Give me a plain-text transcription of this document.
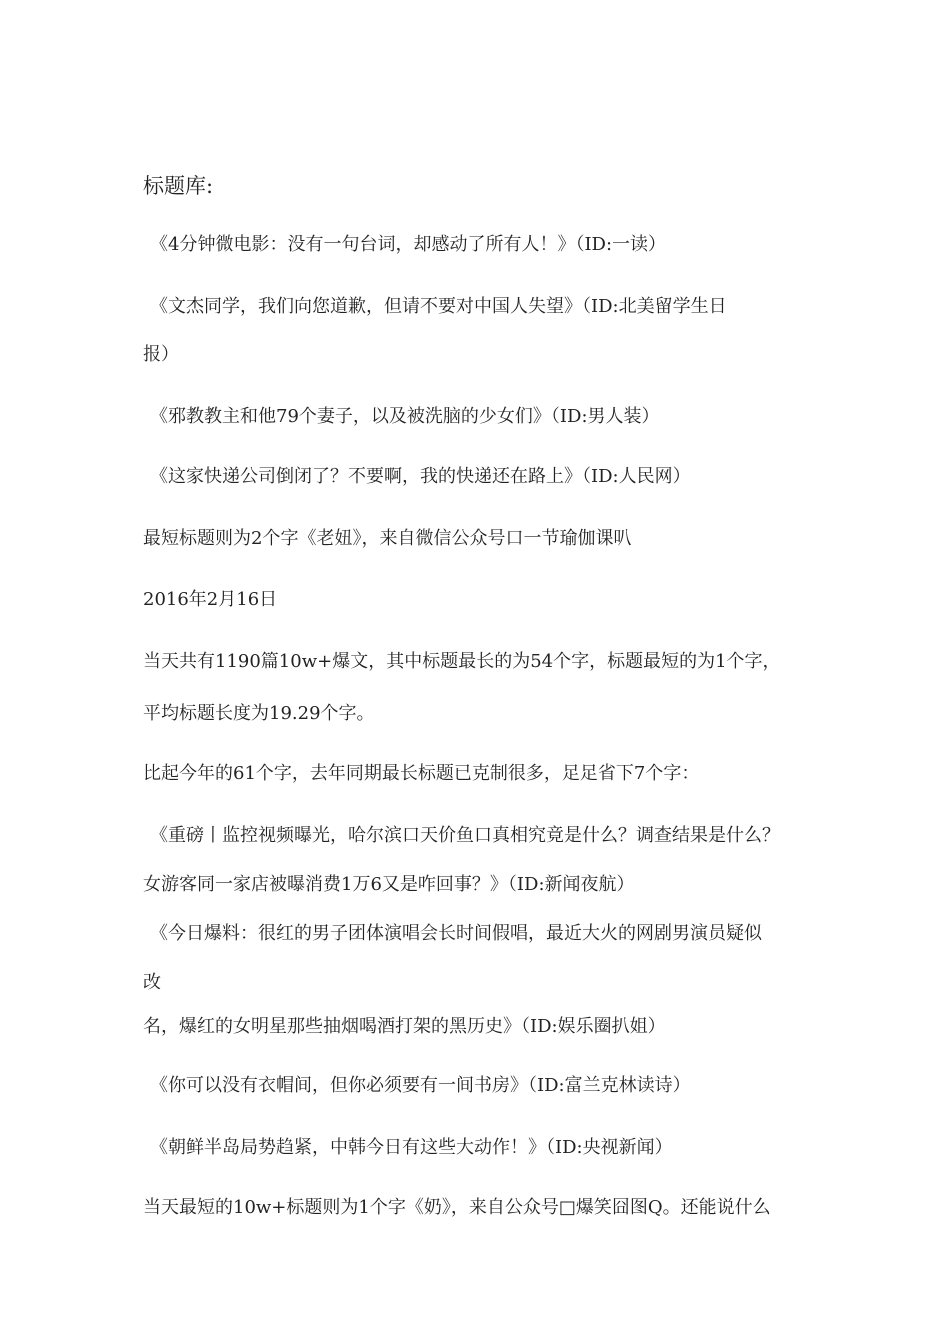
标题库:
《4分钟微电影：没有一句台词，却感动了所有人！》（ID:一读）
《文杰同学，我们向您道歉，但请不要对中国人失望》（ID:北美留学生日
报）
《邪教教主和他79个妻子，以及被洗脑的少女们》（ID:男人装）
《这家快递公司倒闭了？不要啊，我的快递还在路上》（ID:人民网）
最短标题则为2个字《老妞》，来自微信公众号口一节瑜伽课叭
2016年2月16日
当天共有1190篇10w+爆文，其中标题最长的为54个字，标题最短的为1个字，
平均标题长度为19.29个字。
比起今年的61个字，去年同期最长标题已克制很多，足足省下7个字：
《重磅丨监控视频曝光，哈尔滨口天价鱼口真相究竟是什么？调查结果是什么？
女游客同一家店被曝消费1万6又是咋回事？》（ID:新闻夜航）
《今日爆料：很红的男子团体演唱会长时间假唱，最近大火的网剧男演员疑似
改
名，爆红的女明星那些抽烟喝酒打架的黑历史》（ID:娱乐圈扒姐）
《你可以没有衣帽间，但你必须要有一间书房》（ID:富兰克林读诗）
《朝鲜半岛局势趋紧，中韩今日有这些大动作！》（ID:央视新闻）
当天最短的10w+标题则为1个字《奶》，来自公众号□爆笑囧图Q。还能说什么
